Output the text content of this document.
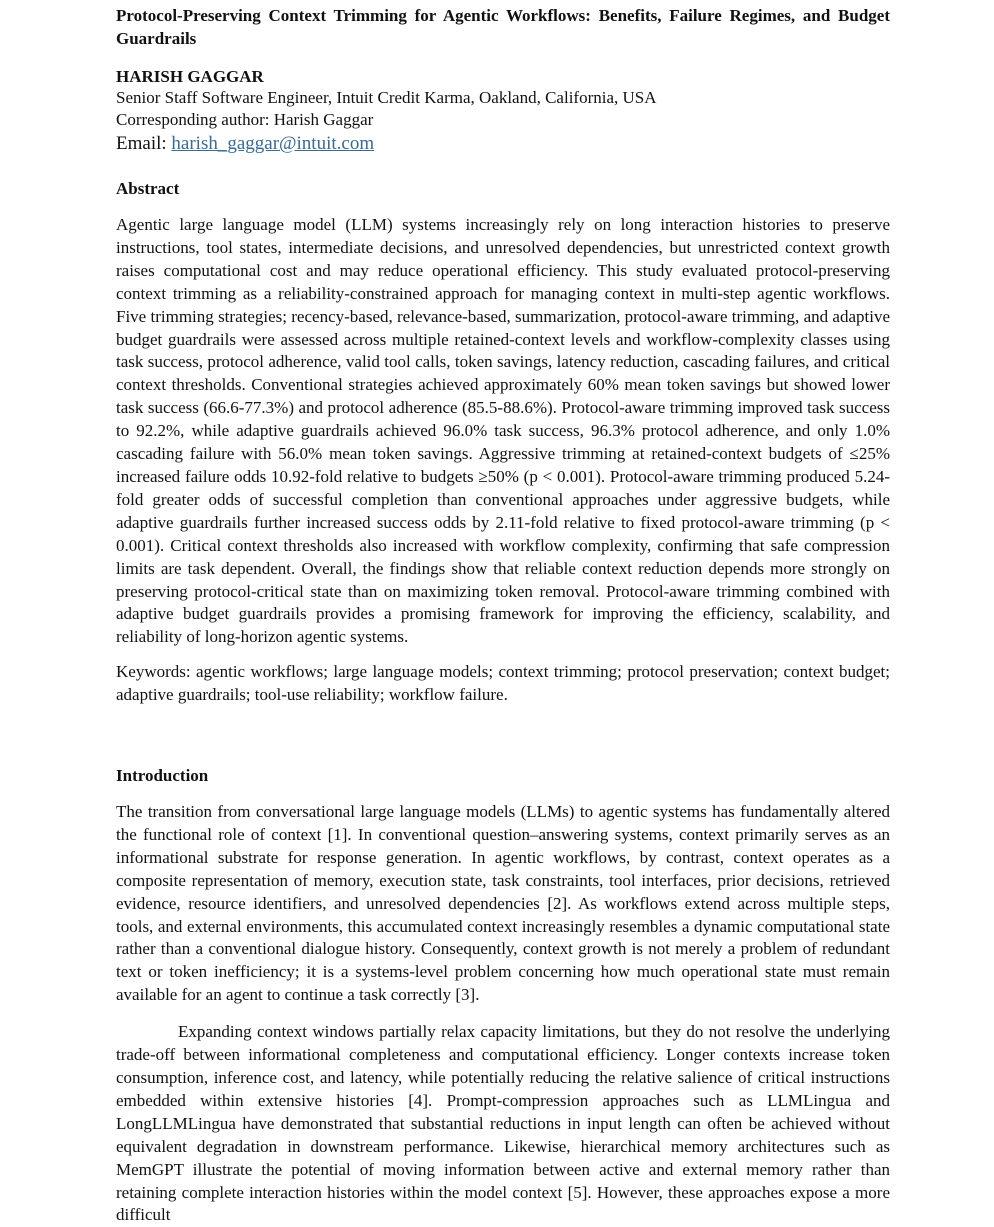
Protocol-Preserving Context Trimming for Agentic Workflows: Benefits, Failure Regimes, and Budget Guardrails
HARISH GAGGAR
Senior Staff Software Engineer, Intuit Credit Karma, Oakland, California, USA
Corresponding author: Harish Gaggar
Email: harish_gaggar@intuit.com
Abstract

Agentic large language model (LLM) systems increasingly rely on long interaction histories to preserve instructions, tool states, intermediate decisions, and unresolved dependencies, but unrestricted context growth raises computational cost and may reduce operational efficiency. This study evaluated protocol-preserving context trimming as a reliability-constrained approach for managing context in multi-step agentic workflows. Five trimming strategies; recency-based, relevance-based, summarization, protocol-aware trimming, and adaptive budget guardrails were assessed across multiple retained-context levels and workflow-complexity classes using task success, protocol adherence, valid tool calls, token savings, latency reduction, cascading failures, and critical context thresholds. Conventional strategies achieved approximately 60% mean token savings but showed lower task success (66.6-77.3%) and protocol adherence (85.5-88.6%). Protocol-aware trimming improved task success to 92.2%, while adaptive guardrails achieved 96.0% task success, 96.3% protocol adherence, and only 1.0% cascading failure with 56.0% mean token savings. Aggressive trimming at retained-context budgets of ≤25% increased failure odds 10.92-fold relative to budgets ≥50% (p < 0.001). Protocol-aware trimming produced 5.24-fold greater odds of successful completion than conventional approaches under aggressive budgets, while adaptive guardrails further increased success odds by 2.11-fold relative to fixed protocol-aware trimming (p < 0.001). Critical context thresholds also increased with workflow complexity, confirming that safe compression limits are task dependent. Overall, the findings show that reliable context reduction depends more strongly on preserving protocol-critical state than on maximizing token removal. Protocol-aware trimming combined with adaptive budget guardrails provides a promising framework for improving the efficiency, scalability, and reliability of long-horizon agentic systems.

Keywords: agentic workflows; large language models; context trimming; protocol preservation; context budget; adaptive guardrails; tool-use reliability; workflow failure.

Introduction

The transition from conversational large language models (LLMs) to agentic systems has fundamentally altered the functional role of context [1]. In conventional question–answering systems, context primarily serves as an informational substrate for response generation. In agentic workflows, by contrast, context operates as a composite representation of memory, execution state, task constraints, tool interfaces, prior decisions, retrieved evidence, resource identifiers, and unresolved dependencies [2]. As workflows extend across multiple steps, tools, and external environments, this accumulated context increasingly resembles a dynamic computational state rather than a conventional dialogue history. Consequently, context growth is not merely a problem of redundant text or token inefficiency; it is a systems-level problem concerning how much operational state must remain available for an agent to continue a task correctly [3].

Expanding context windows partially relax capacity limitations, but they do not resolve the underlying trade-off between informational completeness and computational efficiency. Longer contexts increase token consumption, inference cost, and latency, while potentially reducing the relative salience of critical instructions embedded within extensive histories [4]. Prompt-compression approaches such as LLMLingua and LongLLMLingua have demonstrated that substantial reductions in input length can often be achieved without equivalent degradation in downstream performance. Likewise, hierarchical memory architectures such as MemGPT illustrate the potential of moving information between active and external memory rather than retaining complete interaction histories within the model context [5]. However, these approaches expose a more difficult
